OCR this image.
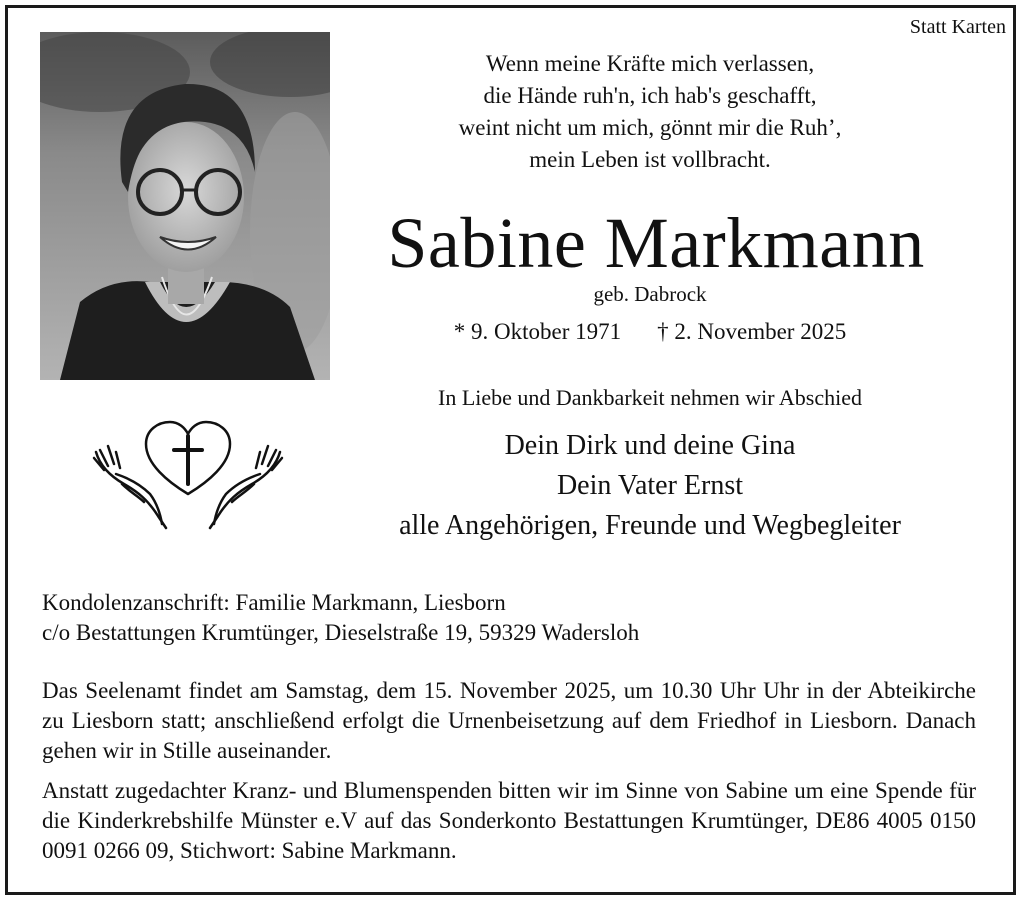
Statt Karten
Wenn meine Kräfte mich verlassen,
die Hände ruh'n, ich hab's geschafft,
weint nicht um mich, gönnt mir die Ruh’,
mein Leben ist vollbracht.
Sabine Markmann
geb. Dabrock
* 9. Oktober 1971 † 2. November 2025
In Liebe und Dankbarkeit nehmen wir Abschied
Dein Dirk und deine Gina
Dein Vater Ernst
alle Angehörigen, Freunde und Wegbegleiter
Kondolenzanschrift: Familie Markmann, Liesborn
c/o Bestattungen Krumtünger, Dieselstraße 19, 59329 Wadersloh
Das Seelenamt findet am Samstag, dem 15. November 2025, um 10.30 Uhr Uhr in der Abteikirche zu Liesborn statt; anschließend erfolgt die Urnenbeisetzung auf dem Friedhof in Liesborn. Danach gehen wir in Stille auseinander.
Anstatt zugedachter Kranz- und Blumenspenden bitten wir im Sinne von Sabine um eine Spende für die Kinderkrebshilfe Münster e.V auf das Sonderkonto Bestattungen Krumtünger, DE86 4005 0150 0091 0266 09, Stichwort: Sabine Markmann.
